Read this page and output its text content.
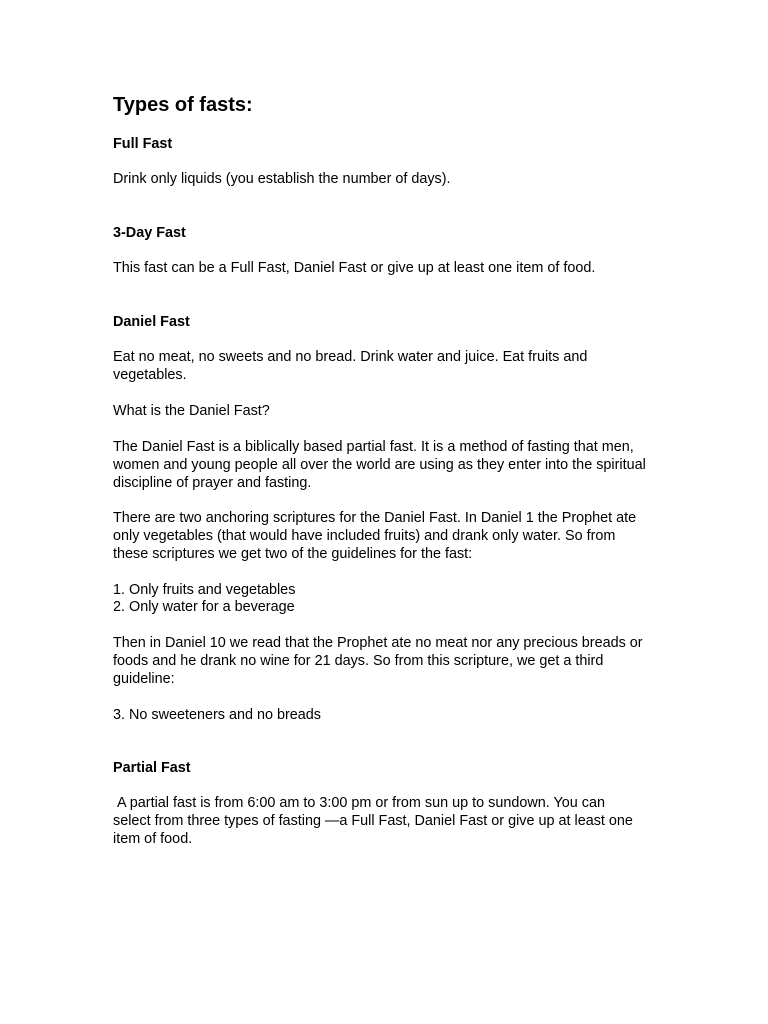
Types of fasts:

Full Fast

Drink only liquids (you establish the number of days).

3-Day Fast

This fast can be a Full Fast, Daniel Fast or give up at least one item of food.

Daniel Fast

Eat no meat, no sweets and no bread. Drink water and juice. Eat fruits and vegetables.

What is the Daniel Fast?

The Daniel Fast is a biblically based partial fast. It is a method of fasting that men, women and young people all over the world are using as they enter into the spiritual discipline of prayer and fasting.

There are two anchoring scriptures for the Daniel Fast. In Daniel 1 the Prophet ate only vegetables (that would have included fruits) and drank only water. So from these scriptures we get two of the guidelines for the fast:

1. Only fruits and vegetables

2. Only water for a beverage

Then in Daniel 10 we read that the Prophet ate no meat nor any precious breads or foods and he drank no wine for 21 days. So from this scripture, we get a third guideline:

3. No sweeteners and no breads

Partial Fast

A partial fast is from 6:00 am to 3:00 pm or from sun up to sundown. You can select from three types of fasting —a Full Fast, Daniel Fast or give up at least one item of food.
